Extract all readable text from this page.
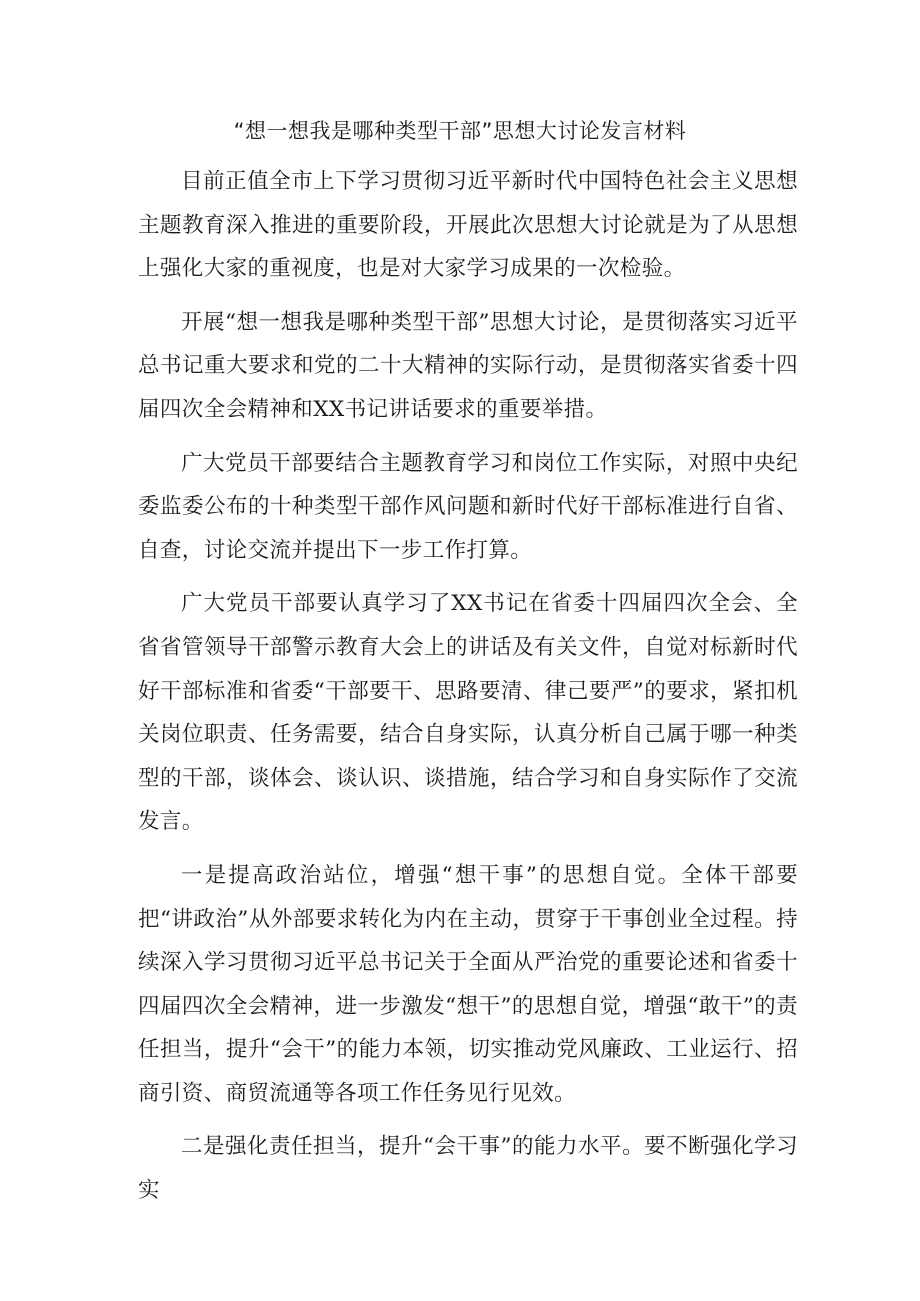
“想一想我是哪种类型干部”思想大讨论发言材料

目前正值全市上下学习贯彻习近平新时代中国特色社会主义思想主题教育深入推进的重要阶段，开展此次思想大讨论就是为了从思想上强化大家的重视度，也是对大家学习成果的一次检验。

开展“想一想我是哪种类型干部”思想大讨论，是贯彻落实习近平总书记重大要求和党的二十大精神的实际行动，是贯彻落实省委十四届四次全会精神和XX书记讲话要求的重要举措。

广大党员干部要结合主题教育学习和岗位工作实际，对照中央纪委监委公布的十种类型干部作风问题和新时代好干部标准进行自省、自查，讨论交流并提出下一步工作打算。

广大党员干部要认真学习了XX书记在省委十四届四次全会、全省省管领导干部警示教育大会上的讲话及有关文件，自觉对标新时代好干部标准和省委“干部要干、思路要清、律己要严”的要求，紧扣机关岗位职责、任务需要，结合自身实际，认真分析自己属于哪一种类型的干部，谈体会、谈认识、谈措施，结合学习和自身实际作了交流发言。

一是提高政治站位，增强“想干事”的思想自觉。全体干部要把“讲政治”从外部要求转化为内在主动，贯穿于干事创业全过程。持续深入学习贯彻习近平总书记关于全面从严治党的重要论述和省委十四届四次全会精神，进一步激发“想干”的思想自觉，增强“敢干”的责任担当，提升“会干”的能力本领，切实推动党风廉政、工业运行、招商引资、商贸流通等各项工作任务见行见效。

二是强化责任担当，提升“会干事”的能力水平。要不断强化学习实
